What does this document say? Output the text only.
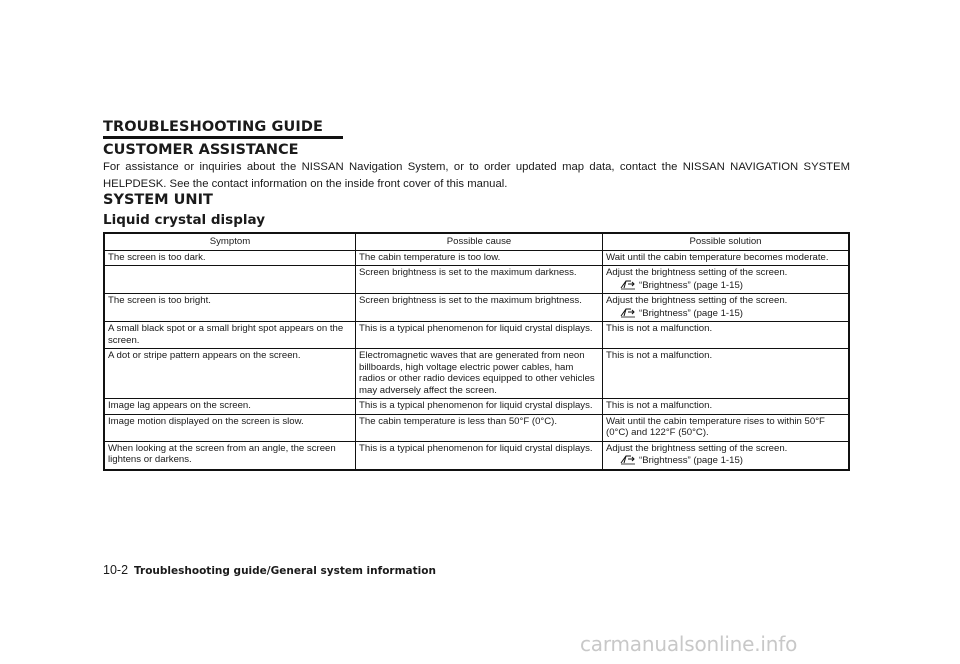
TROUBLESHOOTING GUIDE
CUSTOMER ASSISTANCE
For assistance or inquiries about the NISSAN Navigation System, or to order updated map data, contact the NISSAN NAVIGATION SYSTEM HELPDESK. See the contact information on the inside front cover of this manual.
SYSTEM UNIT
Liquid crystal display
Symptom	Possible cause	Possible solution
The screen is too dark.	The cabin temperature is too low.	Wait until the cabin temperature becomes moderate.
	Screen brightness is set to the maximum darkness.	Adjust the brightness setting of the screen.
“Brightness” (page 1-15)

The screen is too bright.	Screen brightness is set to the maximum brightness.	Adjust the brightness setting of the screen.
“Brightness” (page 1-15)

A small black spot or a small bright spot appears on the screen.	This is a typical phenomenon for liquid crystal displays.	This is not a malfunction.
A dot or stripe pattern appears on the screen.	Electromagnetic waves that are generated from neon billboards, high voltage electric power cables, ham radios or other radio devices equipped to other vehicles may adversely affect the screen.	This is not a malfunction.
Image lag appears on the screen.	This is a typical phenomenon for liquid crystal displays.	This is not a malfunction.
Image motion displayed on the screen is slow.	The cabin temperature is less than 50°F (0°C).	Wait until the cabin temperature rises to within 50°F (0°C) and 122°F (50°C).
When looking at the screen from an angle, the screen lightens or darkens.	This is a typical phenomenon for liquid crystal displays.	Adjust the brightness setting of the screen.
“Brightness” (page 1-15)
10-2 Troubleshooting guide/General system information
carmanualsonline.info
